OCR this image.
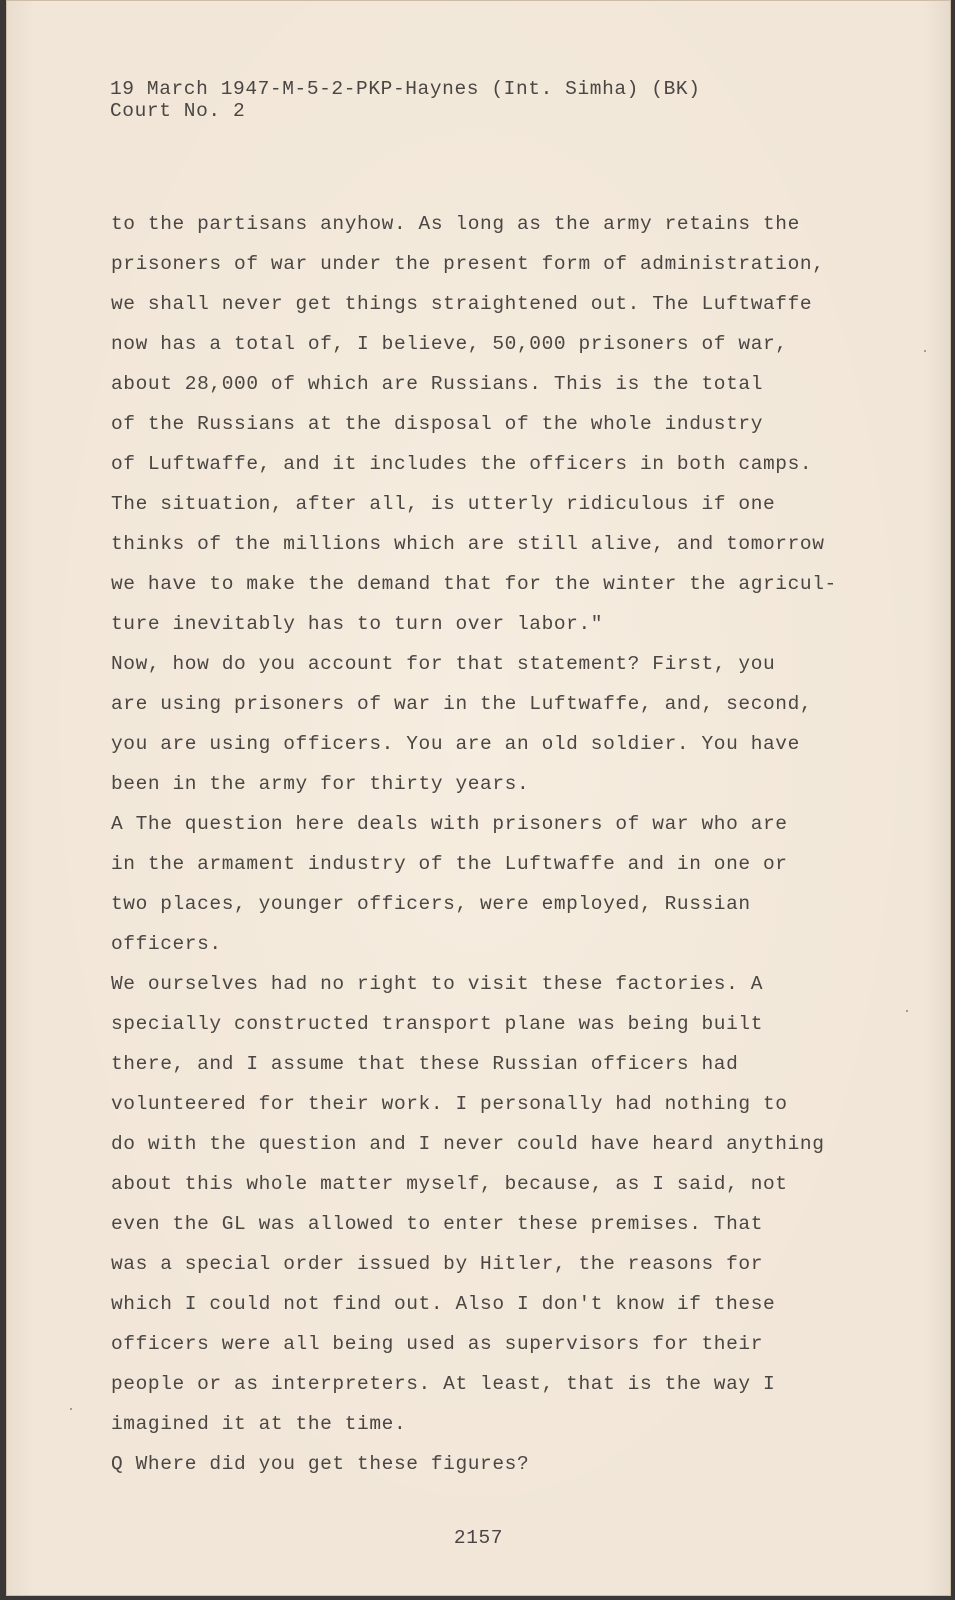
19 March 1947-M-5-2-PKP-Haynes (Int. Simha) (BK)

Court No. 2

to the partisans anyhow. As long as the army retains the
prisoners of war under the present form of administration,
we shall never get things straightened out. The Luftwaffe
now has a total of, I believe, 50,000 prisoners of war,
about 28,000 of which are Russians. This is the total
of the Russians at the disposal of the whole industry
of Luftwaffe, and it includes the officers in both camps.
The situation, after all, is utterly ridiculous if one
thinks of the millions which are still alive, and tomorrow
we have to make the demand that for the winter the agricul-
ture inevitably has to turn over labor."
Now, how do you account for that statement? First, you
are using prisoners of war in the Luftwaffe, and, second,
you are using officers. You are an old soldier. You have
been in the army for thirty years.
A The question here deals with prisoners of war who are
in the armament industry of the Luftwaffe and in one or
two places, younger officers, were employed, Russian
officers.
We ourselves had no right to visit these factories. A
specially constructed transport plane was being built
there, and I assume that these Russian officers had
volunteered for their work. I personally had nothing to
do with the question and I never could have heard anything
about this whole matter myself, because, as I said, not
even the GL was allowed to enter these premises. That
was a special order issued by Hitler, the reasons for
which I could not find out. Also I don't know if these
officers were all being used as supervisors for their
people or as interpreters. At least, that is the way I
imagined it at the time.
Q Where did you get these figures?
2157
